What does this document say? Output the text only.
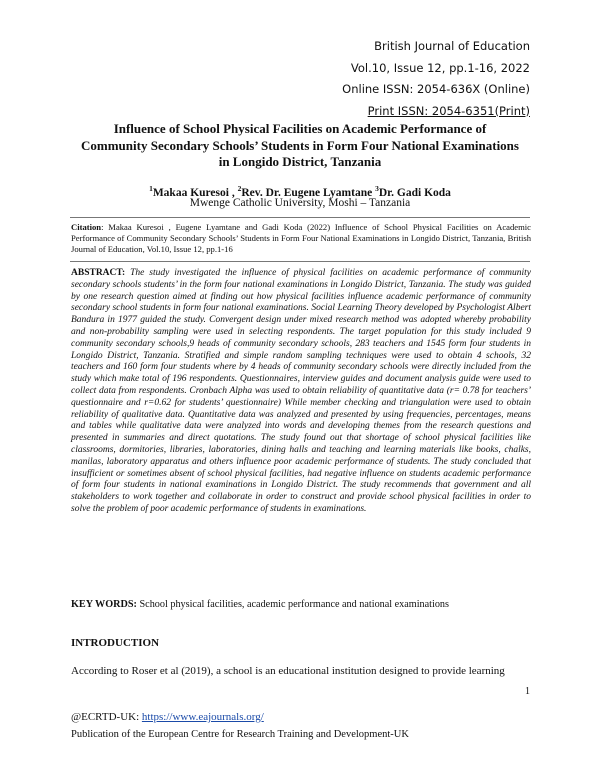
British Journal of Education
Vol.10, Issue 12, pp.1-16, 2022
Online ISSN: 2054-636X (Online)
Print ISSN: 2054-6351(Print)
Influence of School Physical Facilities on Academic Performance of Community Secondary Schools’ Students in Form Four National Examinations in Longido District, Tanzania
$^1$Makaa Kuresoi , $^2$Rev. Dr. Eugene Lyamtane $^3$Dr. Gadi Koda
Mwenge Catholic University, Moshi – Tanzania
Citation: Makaa Kuresoi , Eugene Lyamtane and Gadi Koda (2022) Influence of School Physical Facilities on Academic Performance of Community Secondary Schools’ Students in Form Four National Examinations in Longido District, Tanzania, British Journal of Education, Vol.10, Issue 12, pp.1-16
ABSTRACT: The study investigated the influence of physical facilities on academic performance of community secondary schools students’ in the form four national examinations in Longido District, Tanzania. The study was guided by one research question aimed at finding out how physical facilities influence academic performance of community secondary school students in form four national examinations. Social Learning Theory developed by Psychologist Albert Bandura in 1977 guided the study. Convergent design under mixed research method was adopted whereby probability and non-probability sampling were used in selecting respondents. The target population for this study included 9 community secondary schools,9 heads of community secondary schools, 283 teachers and 1545 form four students in Longido District, Tanzania. Stratified and simple random sampling techniques were used to obtain 4 schools, 32 teachers and 160 form four students where by 4 heads of community secondary schools were directly included from the study which make total of 196 respondents. Questionnaires, interview guides and document analysis guide were used to collect data from respondents. Cronbach Alpha was used to obtain reliability of quantitative data (r= 0.78 for teachers’ questionnaire and r=0.62 for students’ questionnaire) While member checking and triangulation were used to obtain reliability of qualitative data. Quantitative data was analyzed and presented by using frequencies, percentages, means and tables while qualitative data were analyzed into words and developing themes from the research questions and presented in summaries and direct quotations. The study found out that shortage of school physical facilities like classrooms, dormitories, libraries, laboratories, dining halls and teaching and learning materials like books, chalks, manilas, laboratory apparatus and others influence poor academic performance of students. The study concluded that insufficient or sometimes absent of school physical facilities, had negative influence on students academic performance of form four students in national examinations in Longido District. The study recommends that government and all stakeholders to work together and collaborate in order to construct and provide school physical facilities in order to solve the problem of poor academic performance of students in examinations.
KEY WORDS: School physical facilities, academic performance and national examinations
INTRODUCTION
According to Roser et al (2019), a school is an educational institution designed to provide learning
1
@ECRTD-UK: https://www.eajournals.org/
Publication of the European Centre for Research Training and Development-UK
